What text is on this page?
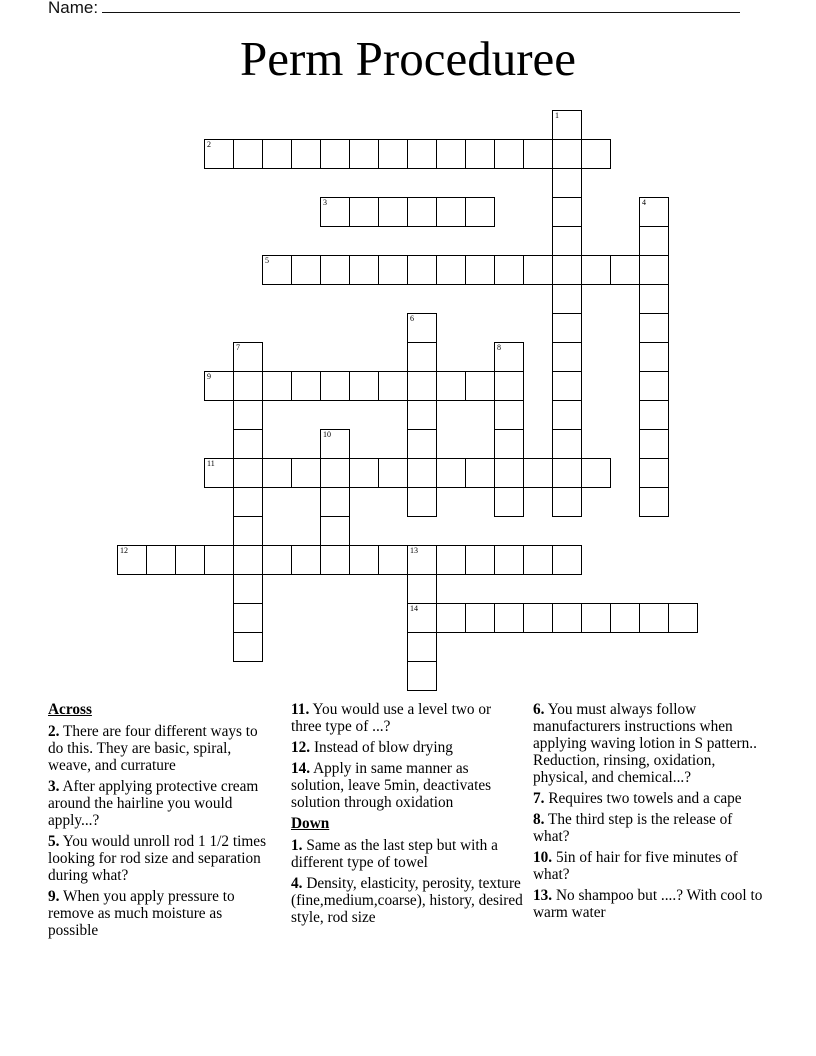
Name:
Perm Proceduree
1
2
3	4
5
6
7	8
9
10
11
12	13
14
Across
2. There are four different ways to do this. They are basic, spiral, weave, and currature
3. After applying protective cream around the hairline you would apply...?
5. You would unroll rod 1 1/2 times looking for rod size and separation during what?
9. When you apply pressure to remove as much moisture as possible
11. You would use a level two or three type of ...?
12. Instead of blow drying
14. Apply in same manner as solution, leave 5min, deactivates solution through oxidation
Down
1. Same as the last step but with a different type of towel
4. Density, elasticity, perosity, texture (fine,medium,coarse), history, desired style, rod size
6. You must always follow manufacturers instructions when applying waving lotion in S pattern.. Reduction, rinsing, oxidation, physical, and chemical...?
7. Requires two towels and a cape
8. The third step is the release of what?
10. 5in of hair for five minutes of what?
13. No shampoo but ....? With cool to warm water
